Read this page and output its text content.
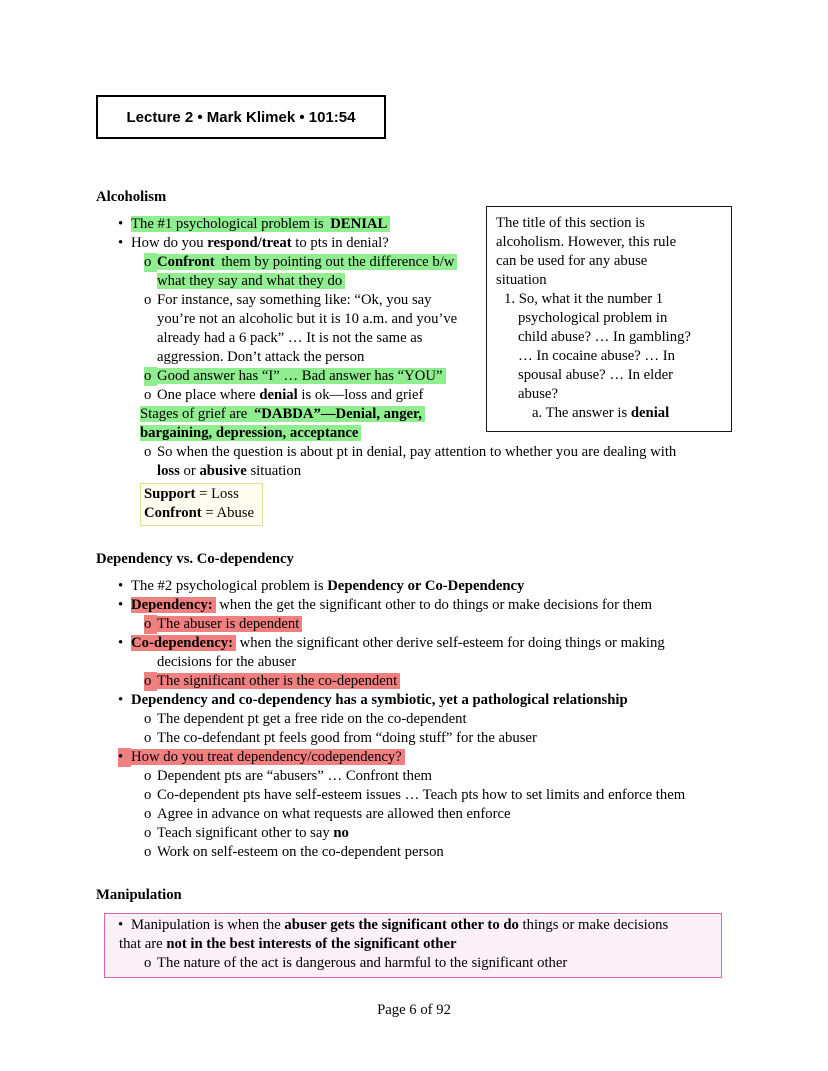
Lecture 2 • Mark Klimek • 101:54
Alcoholism
• The #1 psychological problem is DENIAL
• How do you respond/treat to pts in denial?
o Confront them by pointing out the difference b/w
what they say and what they do
o For instance, say something like: “Ok, you say
you’re not an alcoholic but it is 10 a.m. and you’ve
already had a 6 pack” … It is not the same as
aggression. Don’t attack the person
o Good answer has “I” … Bad answer has “YOU”
o One place where denial is ok—loss and grief
Stages of grief are “DABDA”—Denial, anger,
bargaining, depression, acceptance
o So when the question is about pt in denial, pay attention to whether you are dealing with
loss or abusive situation
Support = Loss
Confront = Abuse
Dependency vs. Co-dependency
• The #2 psychological problem is Dependency or Co-Dependency
• Dependency: when the get the significant other to do things or make decisions for them
o The abuser is dependent
• Co-dependency: when the significant other derive self-esteem for doing things or making
decisions for the abuser
o The significant other is the co-dependent
• Dependency and co-dependency has a symbiotic, yet a pathological relationship
o The dependent pt get a free ride on the co-dependent
o The co-defendant pt feels good from “doing stuff” for the abuser
• How do you treat dependency/codependency?
o Dependent pts are “abusers” … Confront them
o Co-dependent pts have self-esteem issues … Teach pts how to set limits and enforce them
o Agree in advance on what requests are allowed then enforce
o Teach significant other to say no
o Work on self-esteem on the co-dependent person
Manipulation
• Manipulation is when the abuser gets the significant other to do things or make decisions
that are not in the best interests of the significant other
o The nature of the act is dangerous and harmful to the significant other
The title of this section is
alcoholism. However, this rule
can be used for any abuse
situation
1. So, what it the number 1
psychological problem in
child abuse? … In gambling?
… In cocaine abuse? … In
spousal abuse? … In elder
abuse?
a. The answer is denial
Page 6 of 92
